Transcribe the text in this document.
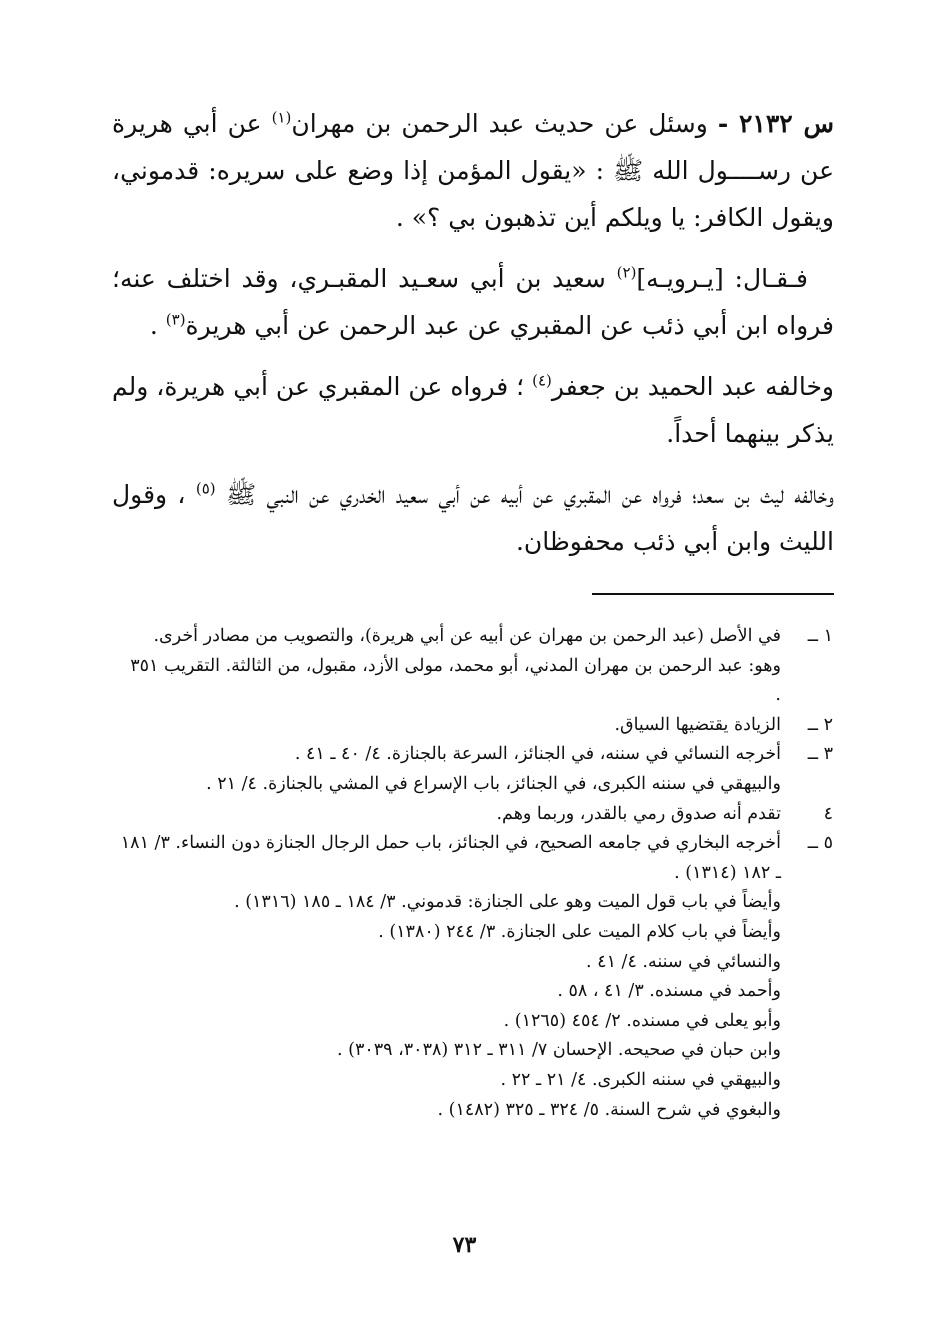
س ٢١٣٢ - وسئل عن حديث عبد الرحمن بن مهران$^{(١)}$ عن أبي هريرة عن رســــول الله ﷺ : «يقول المؤمن إذا وضع على سريره: قدموني، ويقول الكافر: يا ويلكم أين تذهبون بي ؟» .

فـقـال: [يـرويـه]$^{(٢)}$ سعيد بن أبي سعـيد المقبـري، وقد اختلف عنه؛ فرواه ابن أبي ذئب عن المقبري عن عبد الرحمن عن أبي هريرة$^{(٣)}$ .

وخالفه عبد الحميد بن جعفر$^{(٤)}$ ؛ فرواه عن المقبري عن أبي هريرة، ولم يذكر بينهما أحداً.

وخالفه ليث بن سعد؛ فرواه عن المقبري عن أبيه عن أبي سعيد الخدري عن النبي ﷺ $^{(٥)}$ ، وقول الليث وابن أبي ذئب محفوظان.

١ ــ
في الأصل (عبد الرحمن بن مهران عن أبيه عن أبي هريرة)، والتصويب من مصادر أخرى.
وهو: عبد الرحمن بن مهران المدني، أبو محمد، مولى الأزد، مقبول، من الثالثة. التقريب ٣٥١ .
٢ ــ
الزيادة يقتضيها السياق.
٣ ــ
أخرجه النسائي في سننه، في الجنائز، السرعة بالجنازة. ٤/ ٤٠ ـ ٤١ .
والبيهقي في سننه الكبرى، في الجنائز، باب الإسراع في المشي بالجنازة. ٤/ ٢١ .
٤
تقدم أنه صدوق رمي بالقدر، وربما وهم.
٥ ــ
أخرجه البخاري في جامعه الصحيح، في الجنائز، باب حمل الرجال الجنازة دون النساء. ٣/ ١٨١ ـ ١٨٢ (١٣١٤) .
وأيضاً في باب قول الميت وهو على الجنازة: قدموني. ٣/ ١٨٤ ـ ١٨٥ (١٣١٦) .
وأيضاً في باب كلام الميت على الجنازة. ٣/ ٢٤٤ (١٣٨٠) .
والنسائي في سننه. ٤/ ٤١ .
وأحمد في مسنده. ٣/ ٤١ ، ٥٨ .
وأبو يعلى في مسنده. ٢/ ٤٥٤ (١٢٦٥) .
وابن حبان في صحيحه. الإحسان ٧/ ٣١١ ـ ٣١٢ (٣٠٣٨، ٣٠٣٩) .
والبيهقي في سننه الكبرى. ٤/ ٢١ ـ ٢٢ .
والبغوي في شرح السنة. ٥/ ٣٢٤ ـ ٣٢٥ (١٤٨٢) .
٧٣
